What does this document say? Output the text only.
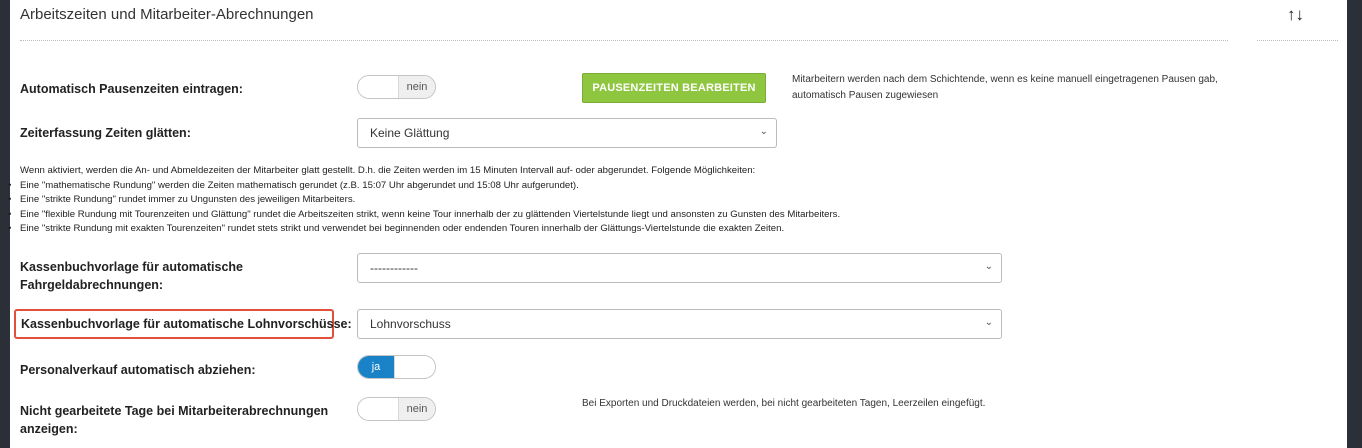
Arbeitszeiten und Mitarbeiter-Abrechnungen	↑↓
Automatisch Pausenzeiten eintragen:	nein	PAUSENZEITEN BEARBEITEN
Mitarbeitern werden nach dem Schichtende, wenn es keine manuell eingetragenen Pausen gab, automatisch Pausen zugewiesen
Zeiterfassung Zeiten glätten:	Keine Glättung	⌄
Wenn aktiviert, werden die An- und Abmeldezeiten der Mitarbeiter glatt gestellt. D.h. die Zeiten werden im 15 Minuten Intervall auf- oder abgerundet. Folgende Möglichkeiten:
• Eine "mathematische Rundung" werden die Zeiten mathematisch gerundet (z.B. 15:07 Uhr abgerundet und 15:08 Uhr aufgerundet).
• Eine "strikte Rundung" rundet immer zu Ungunsten des jeweiligen Mitarbeiters.
• Eine "flexible Rundung mit Tourenzeiten und Glättung" rundet die Arbeitszeiten strikt, wenn keine Tour innerhalb der zu glättenden Viertelstunde liegt und ansonsten zu Gunsten des Mitarbeiters.
• Eine "strikte Rundung mit exakten Tourenzeiten" rundet stets strikt und verwendet bei beginnenden oder endenden Touren innerhalb der Glättungs-Viertelstunde die exakten Zeiten.
Kassenbuchvorlage für automatische
Fahrgeldabrechnungen:
------------	⌄
Kassenbuchvorlage für automatische Lohnvorschüsse: Lohnvorschuss	⌄
Personalverkauf automatisch abziehen:	ja
Nicht gearbeitete Tage bei Mitarbeiterabrechnungen
anzeigen:
nein	Bei Exporten und Druckdateien werden, bei nicht gearbeiteten Tagen, Leerzeilen eingefügt.
